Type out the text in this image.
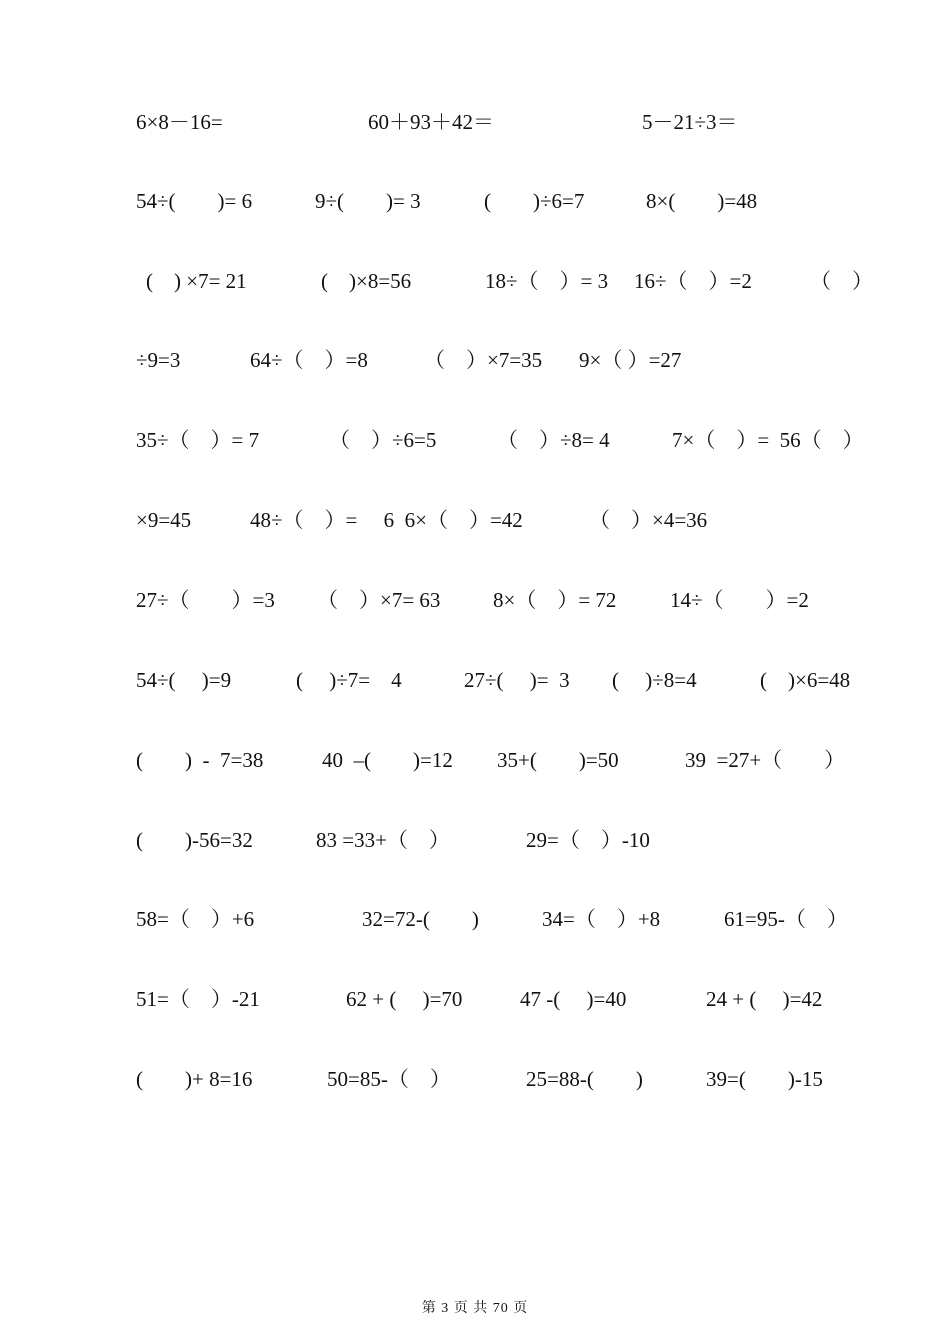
6×8－16=	60＋93＋42＝	5－21÷3＝
54÷(　　)= 6	9÷(　　)= 3	(　　)÷6=7	8×(　　)=48
(　) ×7= 21	(　)×8=56	18÷（　）= 3 16÷（　）=2	（　）
÷9=3	64÷（　）=8	（　）×7=35 9×（ ）=27
35÷（　）= 7	（　）÷6=5	（　）÷8= 4	7×（　）=  56（　）
×9=45	48÷（　）=　 6  6×（　）=42	（　）×4=36
27÷（　　）=3 （　）×7= 63	8×（　）= 72	14÷（　　）=2
54÷(　 )=9	(　 )÷7=　4	27÷(　 )=  3 (　 )÷8=4	(　)×6=48
(　　)  -  7=38	40  –(　　)=12 35+(　　)=50	39  =27+（　　）
(　　)-56=32	83 =33+（　）	29=（　）-10
58=（　）+6	32=72-(　　)	34=（　）+8	61=95-（　）
51=（　）-21	62 + (　 )=70	47 -(　 )=40	24 + (　 )=42
(　　)+ 8=16	50=85-（　）	25=88-(　　)	39=(　　)-15
第 3 页 共 70 页
